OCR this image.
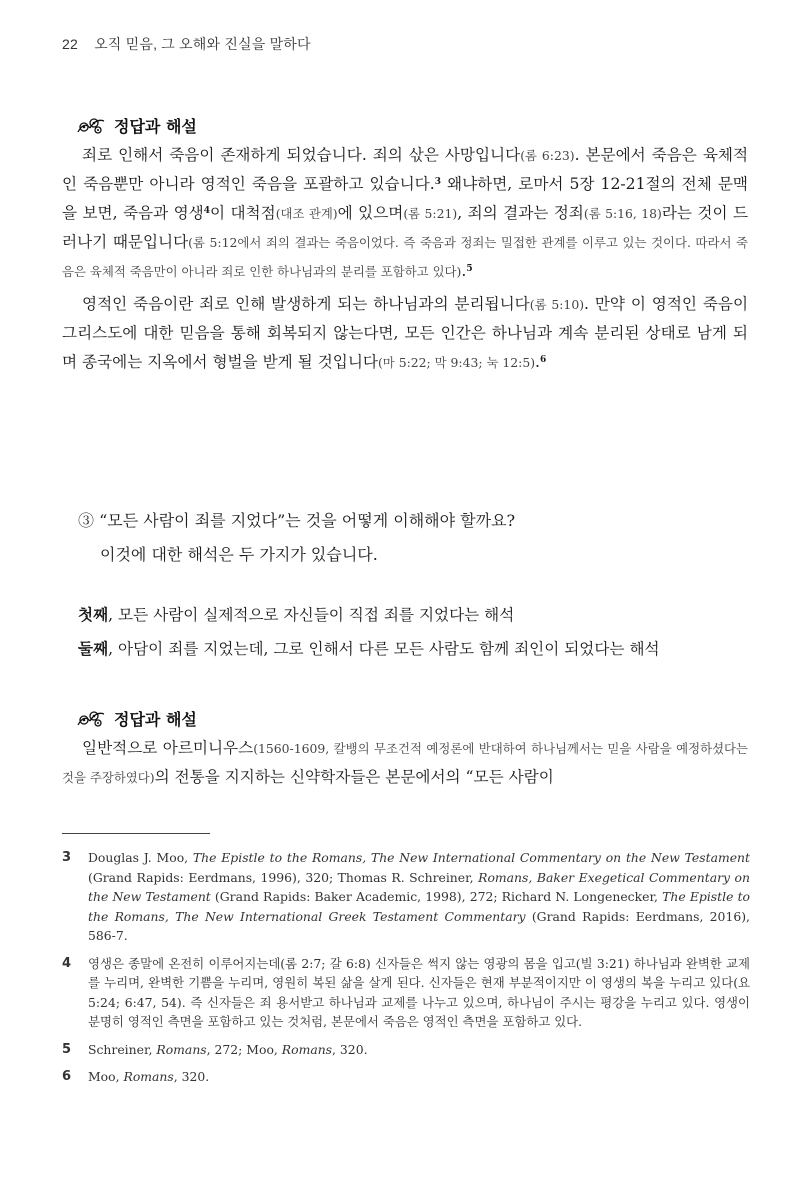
22 오직 믿음, 그 오해와 진실을 말하다
정답과 해설

죄로 인해서 죽음이 존재하게 되었습니다. 죄의 삯은 사망입니다(롬 6:23). 본문에서 죽음은 육체적인 죽음뿐만 아니라 영적인 죽음을 포괄하고 있습니다.$^3$ 왜냐하면, 로마서 5장 12-21절의 전체 문맥을 보면, 죽음과 영생$^4$이 대척점(대조 관계)에 있으며(롬 5:21), 죄의 결과는 정죄(롬 5:16, 18)라는 것이 드러나기 때문입니다(롬 5:12에서 죄의 결과는 죽음이었다. 즉 죽음과 정죄는 밀접한 관계를 이루고 있는 것이다. 따라서 죽음은 육체적 죽음만이 아니라 죄로 인한 하나님과의 분리를 포함하고 있다).$^5$

영적인 죽음이란 죄로 인해 발생하게 되는 하나님과의 분리됩니다(롬 5:10). 만약 이 영적인 죽음이 그리스도에 대한 믿음을 통해 회복되지 않는다면, 모든 인간은 하나님과 계속 분리된 상태로 남게 되며 종국에는 지옥에서 형벌을 받게 될 것입니다(마 5:22; 막 9:43; 눅 12:5).$^6$

③ “모든 사람이 죄를 지었다”는 것을 어떻게 이해해야 할까요?
이것에 대한 해석은 두 가지가 있습니다.
첫째, 모든 사람이 실제적으로 자신들이 직접 죄를 지었다는 해석
둘째, 아담이 죄를 지었는데, 그로 인해서 다른 모든 사람도 함께 죄인이 되었다는 해석
정답과 해설

일반적으로 아르미니우스(1560-1609, 칼뱅의 무조건적 예정론에 반대하여 하나님께서는 믿을 사람을 예정하셨다는 것을 주장하였다)의 전통을 지지하는 신약학자들은 본문에서의 “모든 사람이

3	Douglas J. Moo, The Epistle to the Romans, The New International Commentary on the New Testament (Grand Rapids: Eerdmans, 1996), 320; Thomas R. Schreiner, Romans, Baker Exegetical Commentary on the New Testament (Grand Rapids: Baker Academic, 1998), 272; Richard N. Longenecker, The Epistle to the Romans, The New International Greek Testament Commentary (Grand Rapids: Eerdmans, 2016), 586-7.
4	영생은 종말에 온전히 이루어지는데(롬 2:7; 갈 6:8) 신자들은 썩지 않는 영광의 몸을 입고(빌 3:21) 하나님과 완벽한 교제를 누리며, 완벽한 기쁨을 누리며, 영원히 복된 삶을 살게 된다. 신자들은 현재 부분적이지만 이 영생의 복을 누리고 있다(요 5:24; 6:47, 54). 즉 신자들은 죄 용서받고 하나님과 교제를 나누고 있으며, 하나님이 주시는 평강을 누리고 있다. 영생이 분명히 영적인 측면을 포함하고 있는 것처럼, 본문에서 죽음은 영적인 측면을 포함하고 있다.
5	Schreiner, Romans, 272; Moo, Romans, 320.
6	Moo, Romans, 320.
